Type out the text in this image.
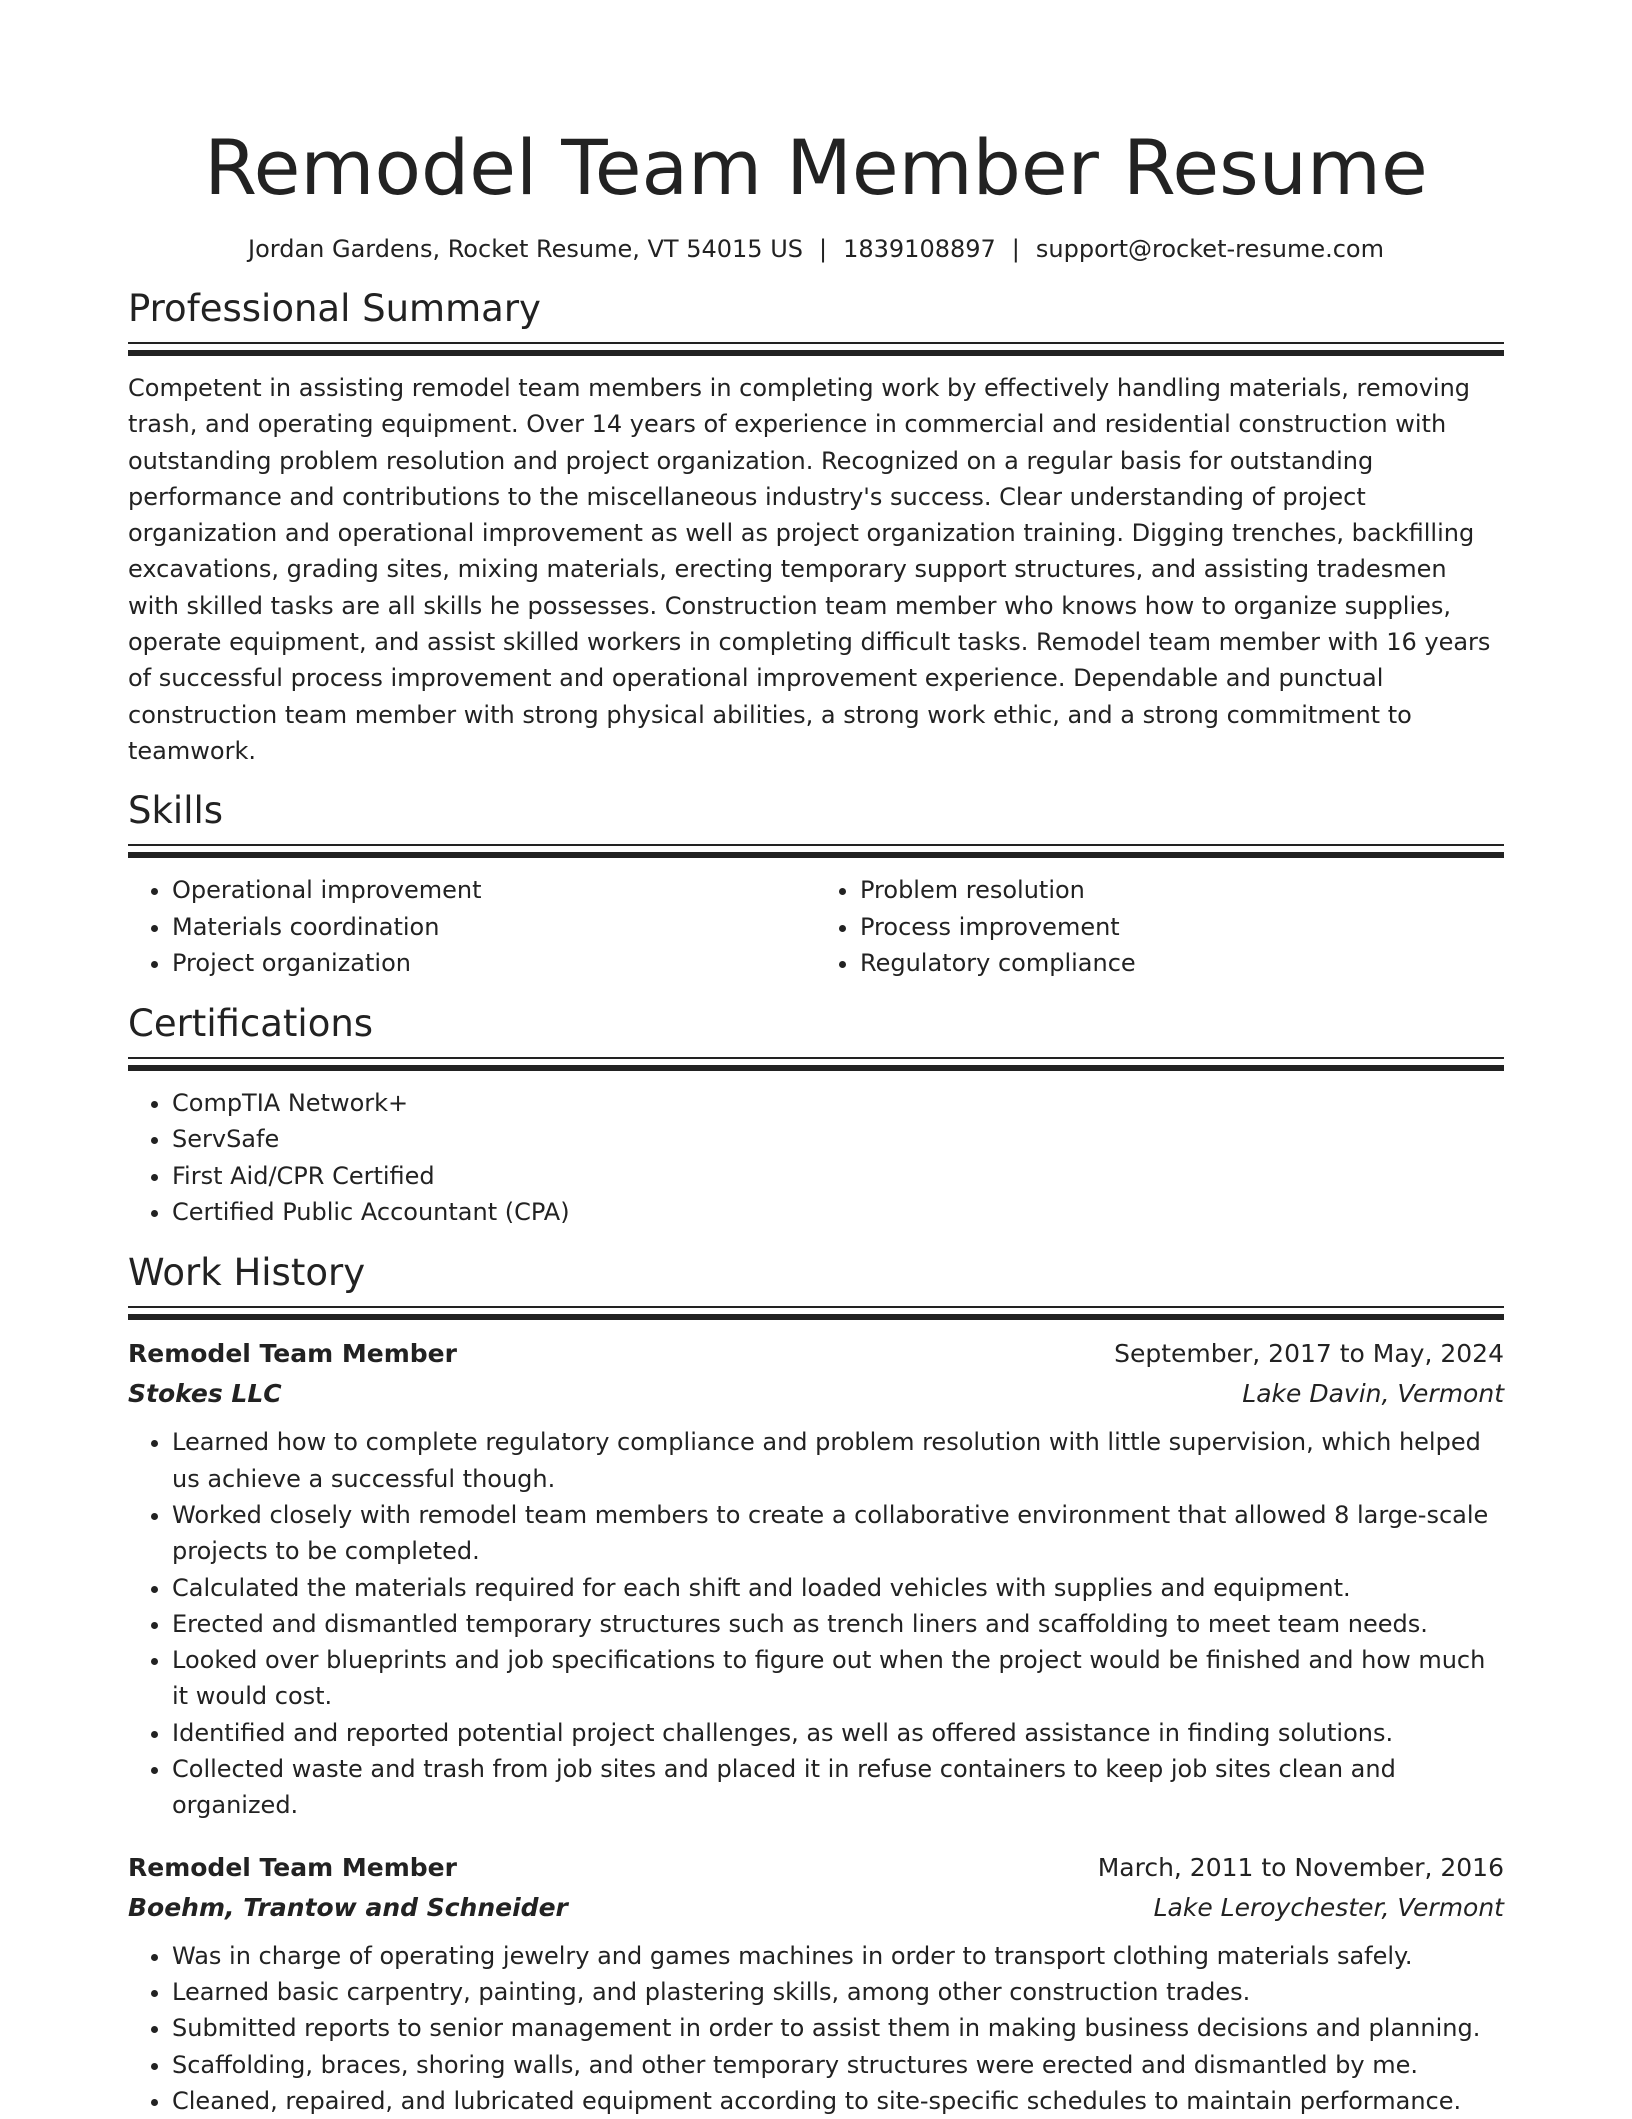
Remodel Team Member Resume
Jordan Gardens, Rocket Resume, VT 54015 US | 1839108897 | support@rocket-resume.com
Professional Summary

Competent in assisting remodel team members in completing work by effectively handling materials, removing trash, and operating equipment. Over 14 years of experience in commercial and residential construction with outstanding problem resolution and project organization. Recognized on a regular basis for outstanding performance and contributions to the miscellaneous industry's success. Clear understanding of project organization and operational improvement as well as project organization training. Digging trenches, backfilling excavations, grading sites, mixing materials, erecting temporary support structures, and assisting tradesmen with skilled tasks are all skills he possesses. Construction team member who knows how to organize supplies, operate equipment, and assist skilled workers in completing difficult tasks. Remodel team member with 16 years of successful process improvement and operational improvement experience. Dependable and punctual construction team member with strong physical abilities, a strong work ethic, and a strong commitment to teamwork.

Skills
• Operational improvement
• Materials coordination
• Project organization
• Problem resolution
• Process improvement
• Regulatory compliance
Certifications
• CompTIA Network+
• ServSafe
• First Aid/CPR Certified
• Certified Public Accountant (CPA)
Work History
Remodel Team Member	September, 2017 to May, 2024
Stokes LLC	Lake Davin, Vermont
• Learned how to complete regulatory compliance and problem resolution with little supervision, which helped us achieve a successful though.
• Worked closely with remodel team members to create a collaborative environment that allowed 8 large-scale projects to be completed.
• Calculated the materials required for each shift and loaded vehicles with supplies and equipment.
• Erected and dismantled temporary structures such as trench liners and scaffolding to meet team needs.
• Looked over blueprints and job specifications to figure out when the project would be finished and how much it would cost.
• Identified and reported potential project challenges, as well as offered assistance in finding solutions.
• Collected waste and trash from job sites and placed it in refuse containers to keep job sites clean and organized.
Remodel Team Member	March, 2011 to November, 2016
Boehm, Trantow and Schneider	Lake Leroychester, Vermont
• Was in charge of operating jewelry and games machines in order to transport clothing materials safely.
• Learned basic carpentry, painting, and plastering skills, among other construction trades.
• Submitted reports to senior management in order to assist them in making business decisions and planning.
• Scaffolding, braces, shoring walls, and other temporary structures were erected and dismantled by me.
• Cleaned, repaired, and lubricated equipment according to site-specific schedules to maintain performance.
